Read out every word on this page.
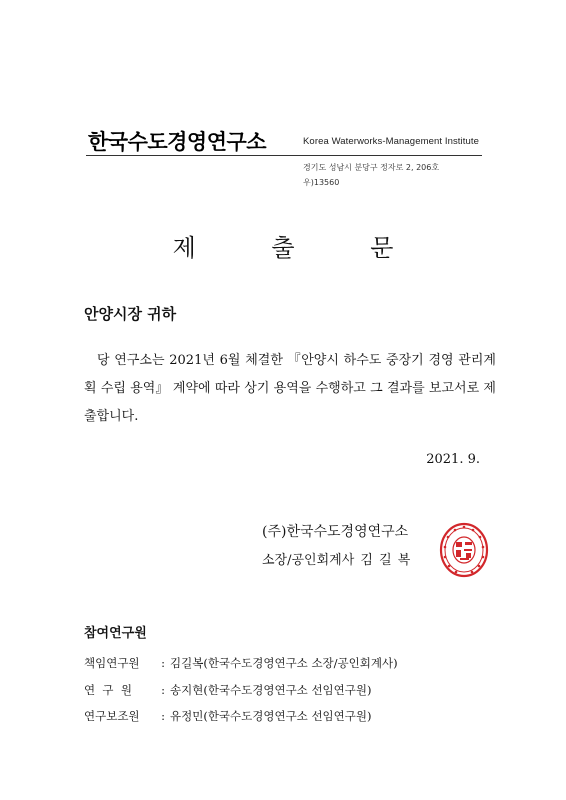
한국수도경영연구소	Korea Waterworks-Management Institute
경기도 성남시 분당구 정자로 2, 206호
우)13560
제 출 문
안양시장 귀하
당 연구소는 2021년 6월 체결한 『안양시 하수도 중장기 경영 관리계획 수립 용역』 계약에 따라 상기 용역을 수행하고 그 결과를 보고서로 제출합니다.
2021. 9.
(주)한국수도경영연구소
소장/공인회계사 김 길 복
참여연구원
책임연구원 : 김길복(한국수도경영연구소 소장/공인회계사)
연  구  원	: 송지현(한국수도경영연구소 선임연구원)
연구보조원 : 유정민(한국수도경영연구소 선임연구원)
